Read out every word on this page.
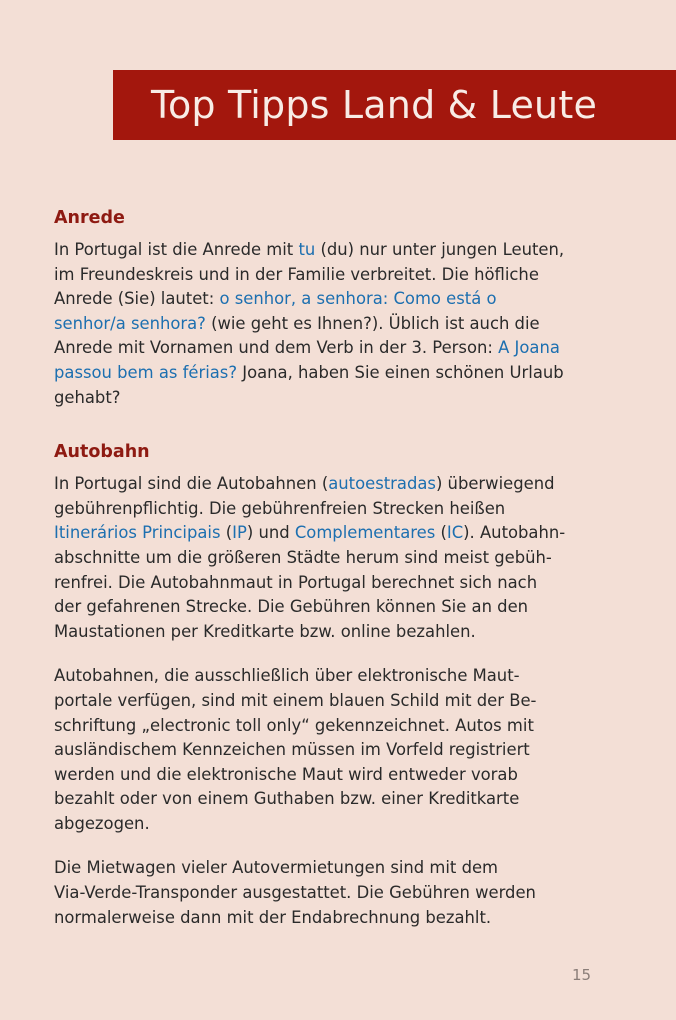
Top Tipps Land & Leute
Anrede

In Portugal ist die Anrede mit tu (du) nur unter jungen Leuten,
im Freundeskreis und in der Familie verbreitet. Die höfliche
Anrede (Sie) lautet: o senhor, a senhora: Como está o
senhor/a senhora? (wie geht es Ihnen?). Üblich ist auch die
Anrede mit Vornamen und dem Verb in der 3. Person: A Joana
passou bem as férias? Joana, haben Sie einen schönen Urlaub
gehabt?

Autobahn

In Portugal sind die Autobahnen (autoestradas) überwiegend
gebührenpflichtig. Die gebührenfreien Strecken heißen
Itinerários Principais (IP) und Complementares (IC). Autobahn-
abschnitte um die größeren Städte herum sind meist gebüh-
renfrei. Die Autobahnmaut in Portugal berechnet sich nach
der gefahrenen Strecke. Die Gebühren können Sie an den
Maustationen per Kreditkarte bzw. online bezahlen.

Autobahnen, die ausschließlich über elektronische Maut-
portale verfügen, sind mit einem blauen Schild mit der Be-
schriftung „electronic toll only“ gekennzeichnet. Autos mit
ausländischem Kennzeichen müssen im Vorfeld registriert
werden und die elektronische Maut wird entweder vorab
bezahlt oder von einem Guthaben bzw. einer Kreditkarte
abgezogen.

Die Mietwagen vieler Autovermietungen sind mit dem
Via-Verde-Transponder ausgestattet. Die Gebühren werden
normalerweise dann mit der Endabrechnung bezahlt.

15
